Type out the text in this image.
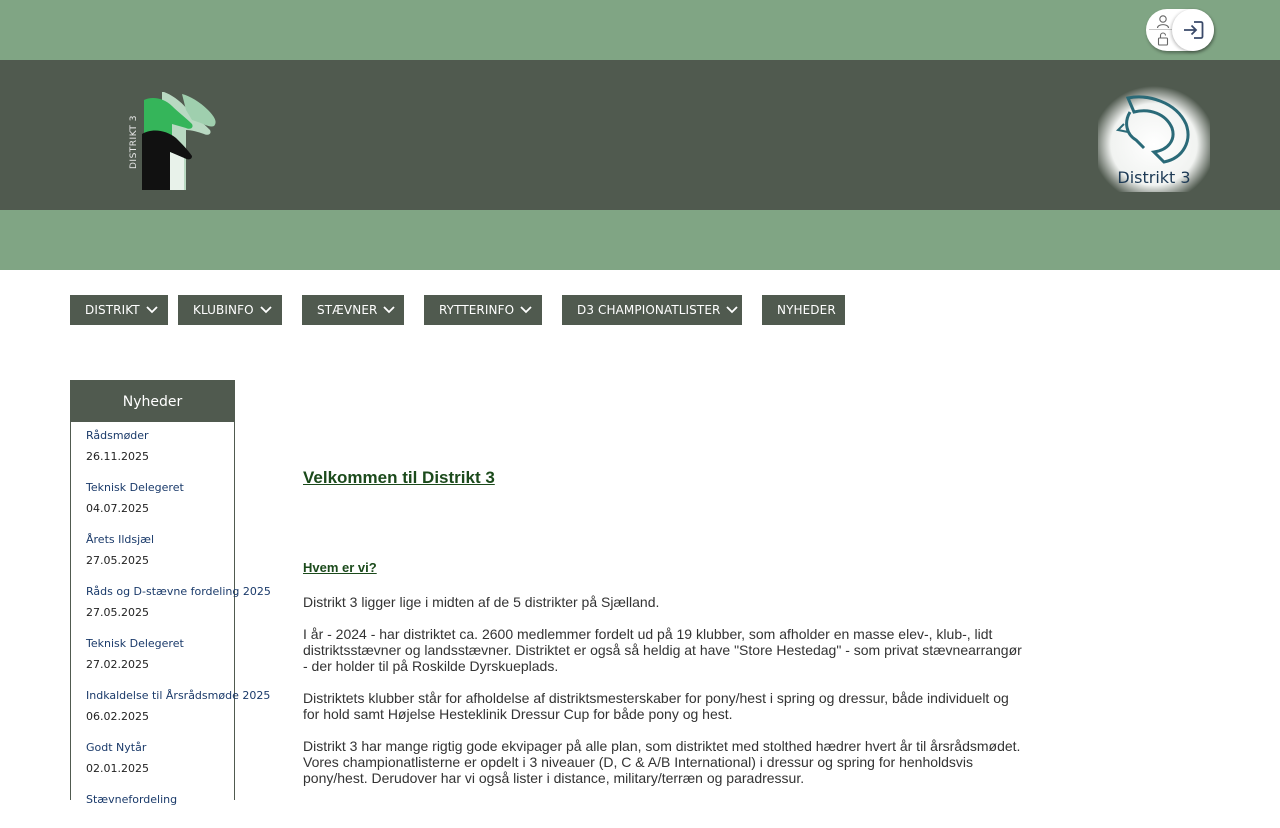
DISTRIKT 3
Distrikt 3
DISTRIKT	KLUBINFO	STÆVNER	RYTTERINFO	D3 CHAMPIONATLISTER	NYHEDER
Nyheder
Rådsmøder
26.11.2025
Teknisk Delegeret
04.07.2025
Årets Ildsjæl
27.05.2025
Råds og D-stævne fordeling 2025
27.05.2025
Teknisk Delegeret
27.02.2025
Indkaldelse til Årsrådsmøde 2025
06.02.2025
Godt Nytår
02.01.2025
Stævnefordeling
Velkommen til Distrikt 3
Hvem er vi?

Distrikt 3 ligger lige i midten af de 5 distrikter på Sjælland.

I år - 2024 - har distriktet ca. 2600 medlemmer fordelt ud på 19 klubber, som afholder en masse elev-, klub-, lidt distriktsstævner og landsstævner. Distriktet er også så heldig at have "Store Hestedag" - som privat stævnearrangør - der holder til på Roskilde Dyrskueplads.

Distriktets klubber står for afholdelse af distriktsmesterskaber for pony/hest i spring og dressur, både individuelt og for hold samt Højelse Hesteklinik Dressur Cup for både pony og hest.

Distrikt 3 har mange rigtig gode ekvipager på alle plan, som distriktet med stolthed hædrer hvert år til årsrådsmødet. Vores championatlisterne er opdelt i 3 niveauer (D, C & A/B International) i dressur og spring for henholdsvis pony/hest. Derudover har vi også lister i distance, military/terræn og paradressur.
